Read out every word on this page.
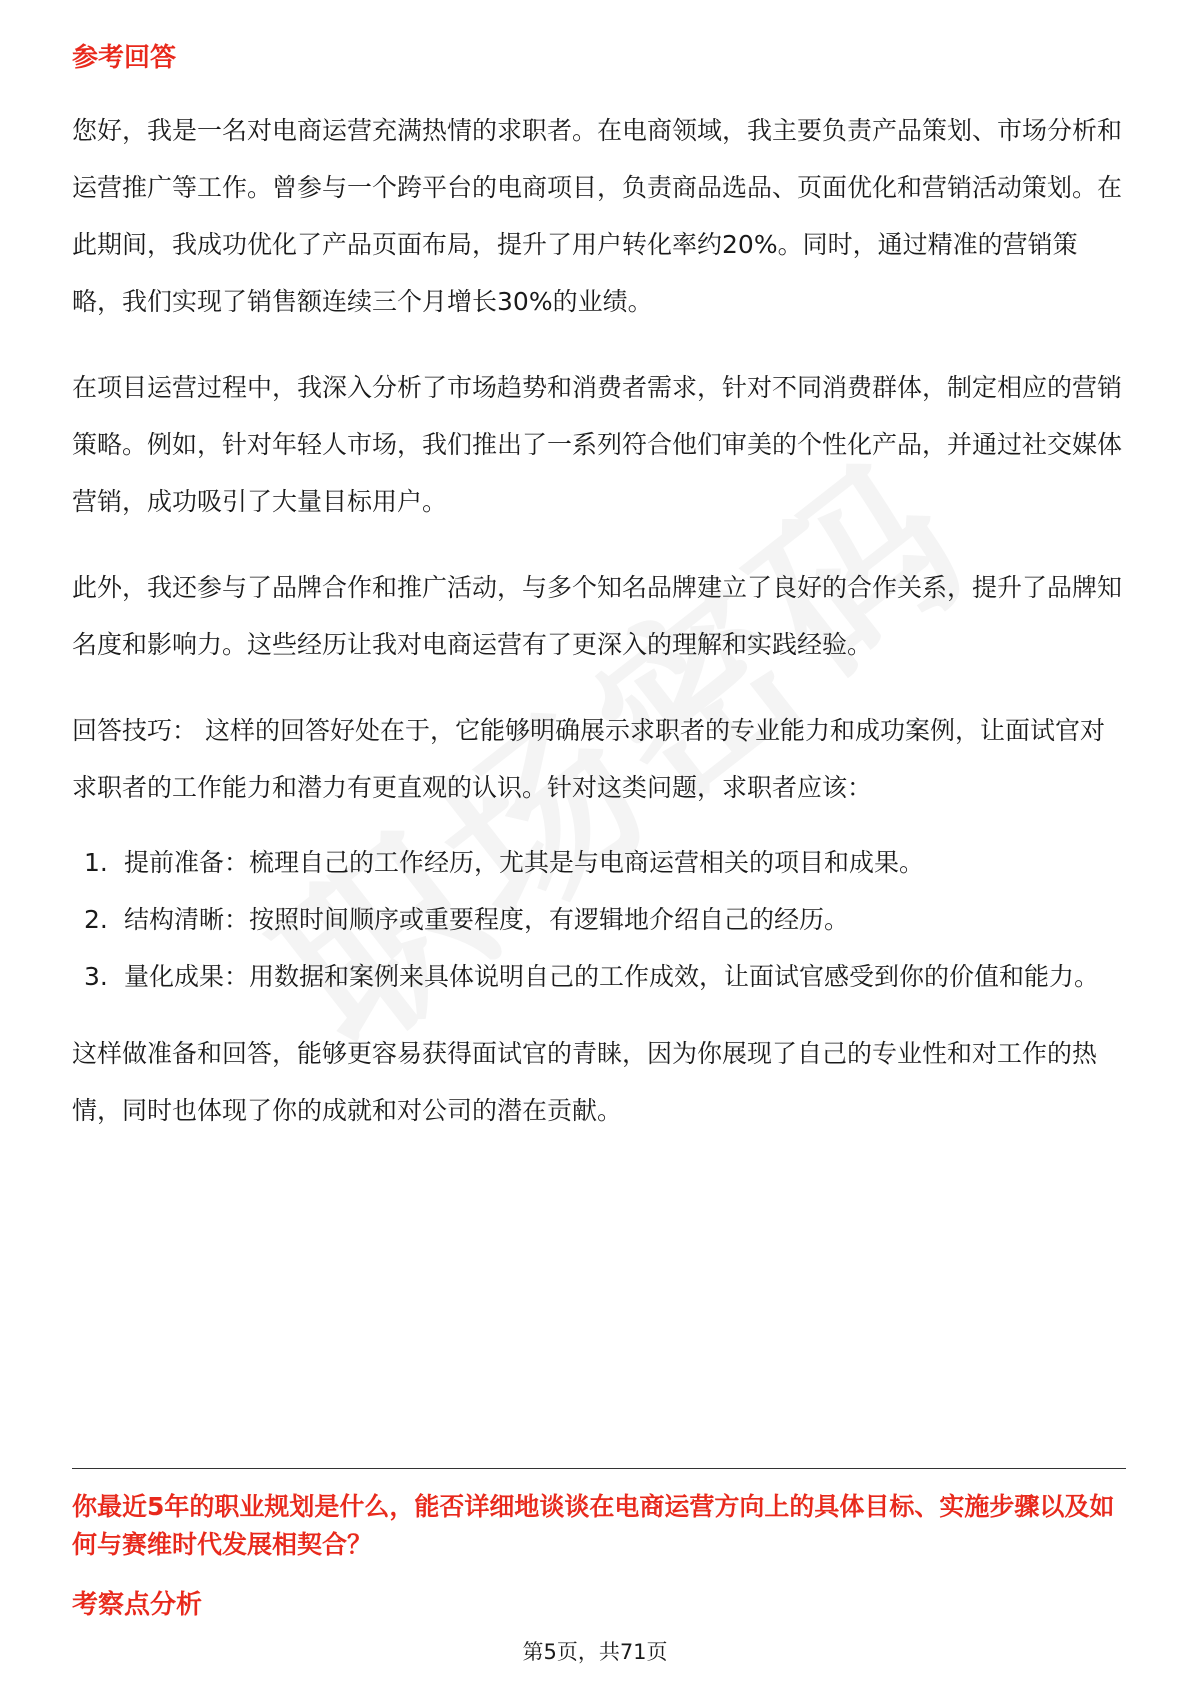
参考回答

您好，我是一名对电商运营充满热情的求职者。在电商领域，我主要负责产品策划、市场分析和运营推广等工作。曾参与一个跨平台的电商项目，负责商品选品、页面优化和营销活动策划。在此期间，我成功优化了产品页面布局，提升了用户转化率约20%。同时，通过精准的营销策略，我们实现了销售额连续三个月增长30%的业绩。

在项目运营过程中，我深入分析了市场趋势和消费者需求，针对不同消费群体，制定相应的营销策略。例如，针对年轻人市场，我们推出了一系列符合他们审美的个性化产品，并通过社交媒体营销，成功吸引了大量目标用户。

此外，我还参与了品牌合作和推广活动，与多个知名品牌建立了良好的合作关系，提升了品牌知名度和影响力。这些经历让我对电商运营有了更深入的理解和实践经验。

回答技巧： 这样的回答好处在于，它能够明确展示求职者的专业能力和成功案例，让面试官对求职者的工作能力和潜力有更直观的认识。针对这类问题，求职者应该：

1. 提前准备：梳理自己的工作经历，尤其是与电商运营相关的项目和成果。
2. 结构清晰：按照时间顺序或重要程度，有逻辑地介绍自己的经历。
3. 量化成果：用数据和案例来具体说明自己的工作成效，让面试官感受到你的价值和能力。

这样做准备和回答，能够更容易获得面试官的青睐，因为你展现了自己的专业性和对工作的热情，同时也体现了你的成就和对公司的潜在贡献。

你最近5年的职业规划是什么，能否详细地谈谈在电商运营方向上的具体目标、实施步骤以及如何与赛维时代发展相契合？
考察点分析
第5页，共71页
